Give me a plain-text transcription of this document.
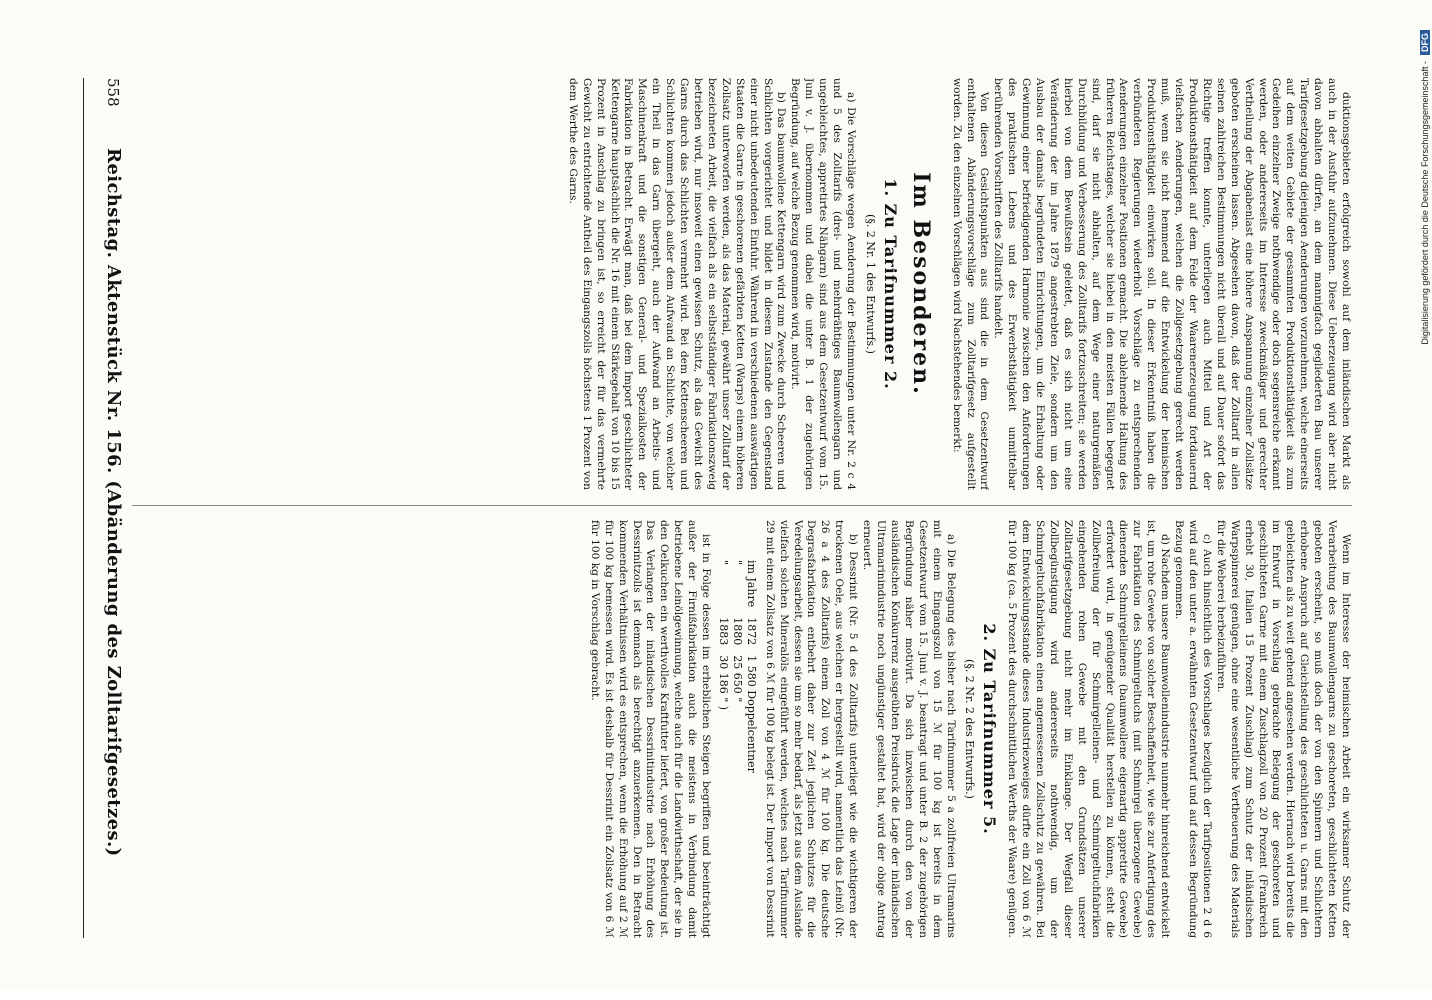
558
Reichstag. Aktenstück Nr. 156. (Abänderung des Zolltarifgesetzes.)	duktionsgebieten erfolgreich sowohl auf dem inländischen Markt als auch in der Ausfuhr aufzunehmen. Diese Ueberzeugung wird aber nicht davon abhalten dürfen, an dem mannigfach gegliederten Bau unserer Tarifgesetzgebung diejenigen Aenderungen vorzunehmen, welche einerseits auf dem weiten Gebiete der gesammten Produktionsthätigkeit als zum Gedeihen einzelner Zweige nothwendige oder doch segensreiche erkannt werden, oder andererseits im Interesse zweckmäßiger und gerechter Vertheilung der Abgabenlast eine höhere Anspannung einzelner Zollsätze geboten erscheinen lassen. Abgesehen davon, daß der Zolltarif in allen seinen zahlreichen Bestimmungen nicht überall und auf Dauer sofort das Richtige treffen konnte, unterliegen auch Mittel und Art der Produktionsthätigkeit auf dem Felde der Waarenerzeugung fortdauernd vielfachen Aenderungen, welchen die Zollgesetzgebung gerecht werden muß, wenn sie nicht hemmend auf die Entwickelung der heimischen Produktionsthätigkeit einwirken soll. In dieser Erkenntniß haben die verbündeten Regierungen wiederholt Vorschläge zu entsprechenden Aenderungen einzelner Positionen gemacht. Die ablehnende Haltung des früheren Reichstages, welcher sie hiebei in den meisten Fällen begegnet sind, darf sie nicht abhalten, auf dem Wege einer naturgemäßen Durchbildung und Verbesserung des Zolltarifs fortzuschreiten; sie werden hierbei von dem Bewußtsein geleitet, daß es sich nicht um eine Veränderung der im Jahre 1879 angestrebten Ziele, sondern um den Ausbau der damals begründeten Einrichtungen, um die Erhaltung oder Gewinnung einer befriedigenden Harmonie zwischen den Anforderungen des praktischen Lebens und des Erwerbsthätigkeit unmittelbar berührenden Vorschriften des Zolltarifs handelt.

Von diesen Gesichtspunkten aus sind die in dem Gesetzentwurf enthaltenen Abänderungsvorschläge zum Zolltarifgesetz aufgestellt worden. Zu den einzelnen Vorschlägen wird Nachstehendes bemerkt:

Im Besonderen.
1. Zu Tarifnummer 2.
(§. 2 Nr. 1 des Entwurfs.)

a) Die Vorschläge wegen Aenderung der Bestimmungen unter Nr. 2 c 4 und 5 des Zolltarifs (drei- und mehrdrähtiges Baumwollengarn und ungebleichtes, appretirtes Nähgarn) sind aus dem Gesetzentwurf vom 15. Juni v. J. übernommen und dabei die unter B. 1 der zugehörigen Begründung, auf welche Bezug genommen wird, motivirt.

b) Das baumwollene Kettengarn wird zum Zwecke durch Scheeren und Schlichten vorgerichtet und bildet in diesem Zustande den Gegenstand einer nicht unbedeutenden Einfuhr. Während in verschiedenen auswärtigen Staaten die Garne in geschorenen gefärbten Ketten (Warps) einem höheren Zollsatz unterworfen werden, als das Material, gewährt unser Zolltarif der bezeichneten Arbeit, die vielfach als ein selbstständiger Fabrikationszweig betrieben wird, nur insoweit einen gewissen Schutz, als das Gewicht des Garns durch das Schlichten vermehrt wird. Bei dem Kettenscheeren und Schlichten kommen jedoch außer dem Aufwand an Schlichte, von welcher ein Theil in das Garn übergeht, auch der Aufwand an Arbeits- und Maschinenkraft und die sonstigen General- und Spezialkosten der Fabrikation in Betracht. Erwägt man, daß bei dem Import geschlichteter Kettengarne hauptsächlich die Nr. 16 mit einem Stärkegehalt von 10 bis 15 Prozent in Anschlag zu bringen ist, so erreicht der für das vermehrte Gewicht zu entrichtende Antheil des Eingangszolls höchstens 1 Prozent von dem Werthe des Garns.

Wenn im Interesse der heimischen Arbeit ein wirksamer Schutz der Verarbeitung des Baumwollengarns zu geschoreten, geschlichteten Ketten geboten erscheint, so muß doch der von den Spinnern und Schlichtern erhobene Anspruch auf Gleichstellung des geschlichteten u. Garns mit den gebleichten als zu weit gehend angesehen werden. Hiernach wird bereits die im Entwurf in Vorschlag gebrachte Belegung der geschoreten und geschlichteten Garne mit einem Zuschlagzoll von 20 Prozent (Frankreich erhebt 30, Italien 15 Prozent Zuschlag) zum Schutz der inländischen Warpspinnerei genügen, ohne eine wesentliche Vertheuerung des Materials für die Weberei herbeizuführen.

c) Auch hinsichtlich des Vorschlages bezüglich der Tarifpositionen 2 d 6 wird auf den unter a. erwähnten Gesetzentwurf und auf dessen Begründung Bezug genommen.

d) Nachdem unsere Baumwollenindustrie nunmehr hinreichend entwickelt ist, um rohe Gewebe von solcher Beschaffenheit, wie sie zur Anfertigung des zur Fabrikation des Schmirgeltuchs (mit Schmirgel überzogene Gewebe) dienenden Schmirgelleinens (baumwollene eigenartig appretirte Gewebe) erfordert wird, in genügender Qualität herstellen zu können, steht die Zollbefreiung der für Schmirgelleinen- und Schmirgeltuchfabriken eingehenden rohen Gewebe mit den Grundsätzen unserer Zolltarifgesetzgebung nicht mehr im Einklange. Der Wegfall dieser Zollbegünstigung wird andererseits nothwendig, um der Schmirgeltuchfabrikation einen angemessenen Zollschutz zu gewähren. Bei dem Entwickelungsstande dieses Industriezweiges dürfte ein Zoll von 6 ℳ für 100 kg (ca. 5 Prozent des durchschnittlichen Werths der Waare) genügen.

2. Zu Tarifnummer 5.
(§. 2 Nr. 2 des Entwurfs.)

a) Die Belegung des bisher nach Tarifnummer 5 a zollfreien Ultramarins mit einem Eingangszoll von 15 ℳ für 100 kg ist bereits in dem Gesetzentwurf vom 15. Juni v. J. beantragt und unter B. 2 der zugehörigen Begründung näher motivirt. Da sich inzwischen durch den von der ausländischen Konkurrenz ausgeübten Preisdruck die Lage der inländischen Ultramarinindustrie noch ungünstiger gestaltet hat, wird der obige Antrag erneuert.

b) Dessrinit (Nr. 5 d des Zolltarifs) unterliegt wie die wichtigeren der trockenen Oele, aus welchen er hergestellt wird, namentlich das Leinöl (Nr. 26 a 4 des Zolltarifs) einem Zoll von 4 ℳ für 100 kg. Die deutsche Degrasfabrikation entbehrt daher zur Zeit jeglichen Schutzes für die Veredelungsarbeit, dessen sie um so mehr bedarf, als jetzt aus dem Auslande vielfach solchen Mineralöls eingeführt werden, welches nach Tarifnummer 29 mit einem Zollsatz von 6 ℳ für 100 kg belegt ist. Der Import von Dessrinit

im Jahre	1872	1 580 Doppelcentner
"	1880	25 650 "
"	1883	30 186 " )

ist in Folge dessen im erheblichen Steigen begriffen und beeinträchtigt außer der Firnißfabrikation auch die meistens in Verbindung damit betriebene Leinölgewinnung, welche auch für die Landwirthschaft, der sie in den Oelkuchen ein werthvolles Kraftfutter liefert, von großer Bedeutung ist. Das Verlangen der inländischen Dessrinitindustrie nach Erhöhung des Dessrinitzolls ist demnach als berechtigt anzuerkennen. Den in Betracht kommenden Verhältnissen wird es entsprechen, wenn die Erhöhung auf 2 ℳ für 100 kg bemessen wird. Es ist deshalb für Dessrinit ein Zollsatz von 6 ℳ für 100 kg in Vorschlag gebracht.

Digitalisierung gefördert durch die Deutsche Forschungsgemeinschaft -
DFG
